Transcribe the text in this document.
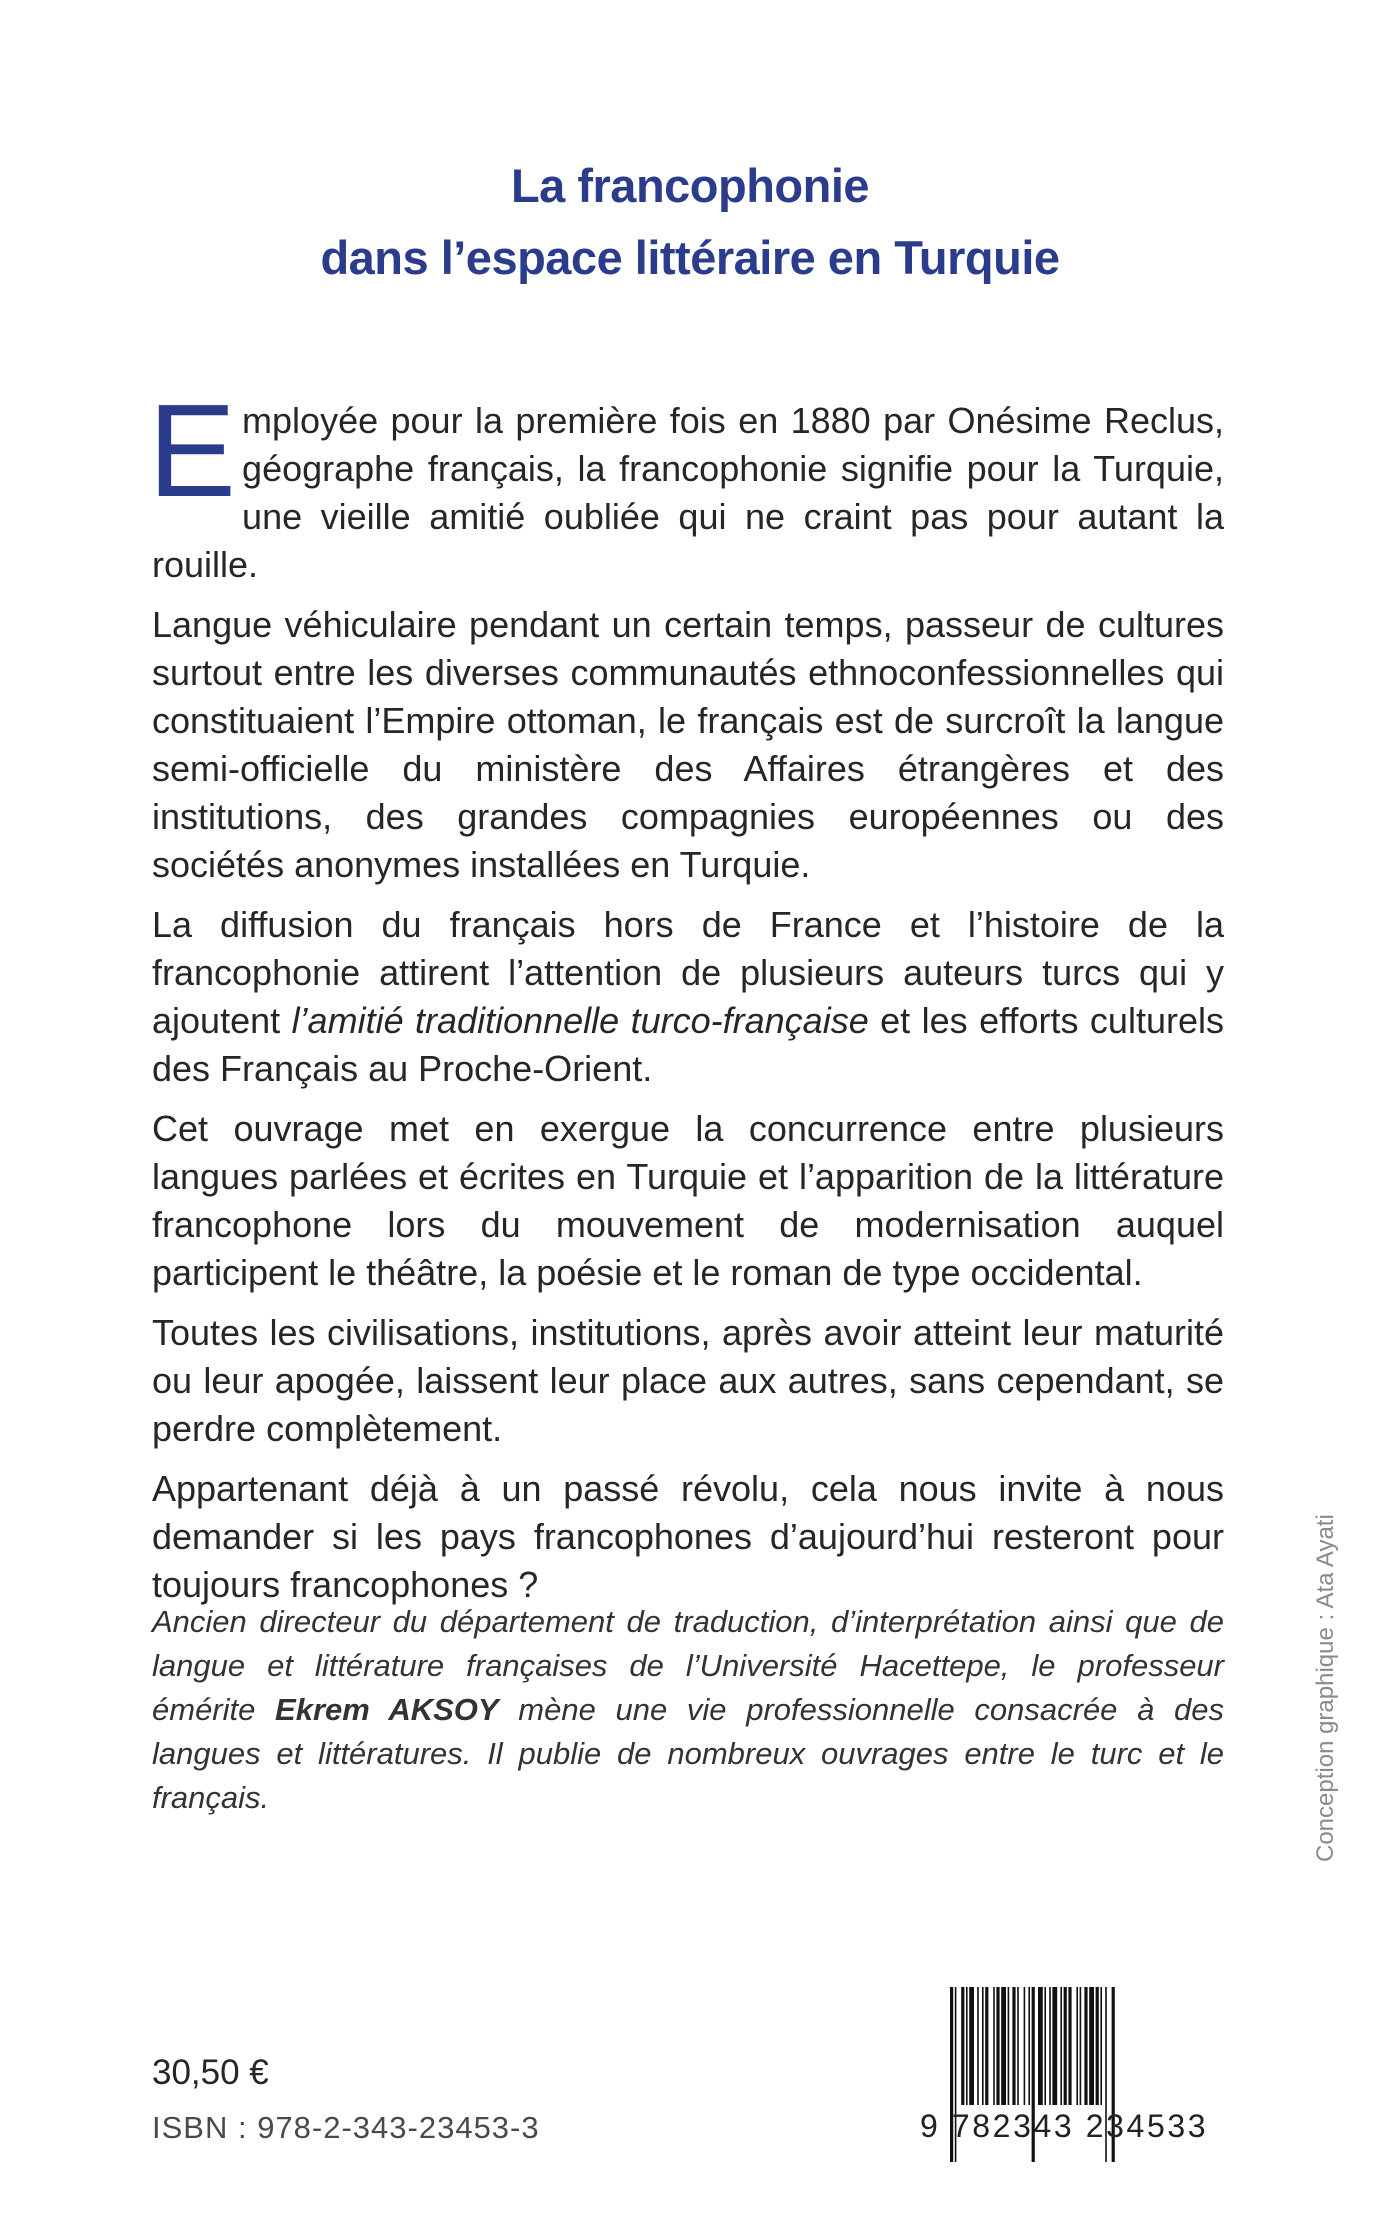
La francophonie
dans l’espace littéraire en Turquie

Employée pour la première fois en 1880 par Onésime Reclus, géographe français, la francophonie signifie pour la Turquie, une vieille amitié oubliée qui ne craint pas pour autant la rouille.

Langue véhiculaire pendant un certain temps, passeur de cultures surtout entre les diverses communautés ethnoconfessionnelles qui constituaient l’Empire ottoman, le français est de surcroît la langue semi-officielle du ministère des Affaires étrangères et des institutions, des grandes compagnies européennes ou des sociétés anonymes installées en Turquie.

La diffusion du français hors de France et l’histoire de la francophonie attirent l’attention de plusieurs auteurs turcs qui y ajoutent l’amitié traditionnelle turco-française et les efforts culturels des Français au Proche-Orient.

Cet ouvrage met en exergue la concurrence entre plusieurs langues parlées et écrites en Turquie et l’apparition de la littérature francophone lors du mouvement de modernisation auquel participent le théâtre, la poésie et le roman de type occidental.

Toutes les civilisations, institutions, après avoir atteint leur maturité ou leur apogée, laissent leur place aux autres, sans cependant, se perdre complètement.

Appartenant déjà à un passé révolu, cela nous invite à nous demander si les pays francophones d’aujourd’hui resteront pour toujours francophones ?

Ancien directeur du département de traduction, d’interprétation ainsi que de langue et littérature françaises de l’Université Hacettepe, le professeur émérite Ekrem AKSOY mène une vie professionnelle consacrée à des langues et littératures. Il publie de nombreux ouvrages entre le turc et le français.	Conception graphique : Ata Ayati
30,50 €
ISBN : 978-2-343-23453-3	9 782343 234533
